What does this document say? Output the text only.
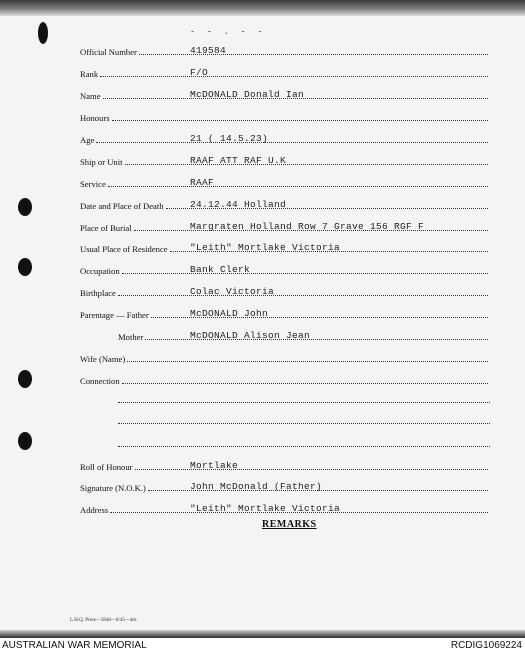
- - . - -
Official Number	419584
Rank	F/O
Name	McDONALD Donald Ian
Honours
Age	21 ( 14.5.23)
Ship or Unit	RAAF ATT RAF U.K
Service	RAAF
Date and Place of Death	24.12.44 Holland
Place of Burial	Margraten Holland Row 7 Grave 156 RGF F
Usual Place of Residence "Leith" Mortlake Victoria
Occupation	Bank Clerk
Birthplace	Colac Victoria
Parentage — Father	McDONALD John
Mother	McDONALD Alison Jean
Wife (Name)
Connection
Roll of Honour	Mortlake
Signature (N.O.K.)	John McDonald (Father)
Address	"Leith" Mortlake Victoria
REMARKS
L.H.Q. Press—3848—6/45—4m.
AUSTRALIAN WAR MEMORIAL	RCDIG1069224
